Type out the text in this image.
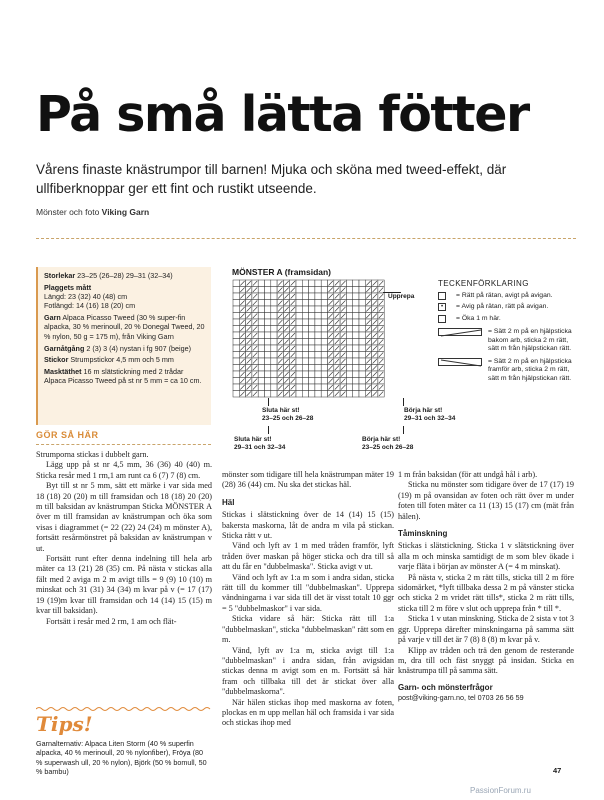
På små lätta fötter
Vårens finaste knästrumpor till barnen! Mjuka och sköna med tweed-effekt, där ullfiberknoppar ger ett fint och rustikt utseende.
Mönster och foto Viking Garn

Storlekar 23–25 (26–28) 29–31 (32–34)

Plaggets mått
Längd: 23 (32) 40 (48) cm
Fotlängd: 14 (16) 18 (20) cm

Garn Alpaca Picasso Tweed (30 % super-fin alpacka, 30 % merinoull, 20 % Donegal Tweed, 20 % nylon, 50 g = 175 m), från Viking Garn

Garnåtgång 2 (3) 3 (4) nystan i fg 907 (beige)

Stickor Strumpstickor 4,5 mm och 5 mm

Masktäthet 16 m slätstickning med 2 trådar Alpaca Picasso Tweed på st nr 5 mm = ca 10 cm.

MÖNSTER A (framsidan)
Upprepa
Sluta här st!
23–25 och 26–28
Börja här st!
29–31 och 32–34
Sluta här st!
29–31 och 32–34
Börja här st!
23–25 och 26–28
TECKENFÖRKLARING
= Rätt på rätan, avigt på avigan.
•	= Avig på rätan, rätt på avigan.
= Öka 1 m här.
= Sätt 2 m på en hjälpsticka bakom arb, sticka 2 m rätt, sätt m från hjälpstickan rätt.
= Sätt 2 m på en hjälpsticka framför arb, sticka 2 m rätt, sätt m från hjälpstickan rätt.
GÖR SÅ HÄR

Strumporna stickas i dubbelt garn.

Lägg upp på st nr 4,5 mm, 36 (36) 40 (40) m. Sticka resår med 1 rm,1 am runt ca 6 (7) 7 (8) cm.

Byt till st nr 5 mm, sätt ett märke i var sida med 18 (18) 20 (20) m till framsidan och 18 (18) 20 (20) m till baksidan av knästrumpan Sticka MÖNSTER A över m till framsidan av knästrumpan och öka som visas i diagrammet (= 22 (22) 24 (24) m mönster A), fortsätt resårmönstret på baksidan av knästrumpan v ut.

Fortsätt runt efter denna indelning till hela arb mäter ca 13 (21) 28 (35) cm. På nästa v stickas alla fält med 2 aviga m 2 m avigt tills = 9 (9) 10 (10) m minskat och 31 (31) 34 (34) m kvar på v (= 17 (17) 19 (19)m kvar till framsidan och 14 (14) 15 (15) m kvar till baksidan).

Fortsätt i resår med 2 rm, 1 am och flät-

mönster som tidigare till hela knästrumpan mäter 19 (28) 36 (44) cm. Nu ska det stickas häl.

Häl

Stickas i slätstickning över de 14 (14) 15 (15) bakersta maskorna, låt de andra m vila på stickan. Sticka rätt v ut.

Vänd och lyft av 1 m med tråden framför, lyft tråden över maskan på höger sticka och dra till så att du får en "dubbelmaska". Sticka avigt v ut.

Vänd och lyft av 1:a m som i andra sidan, sticka rätt till du kommer till "dubbelmaskan". Upprepa vändningarna i var sida till det är visst totalt 10 ggr = 5 "dubbelmaskor" i var sida.

Sticka vidare så här: Sticka rätt till 1:a "dubbelmaskan", sticka "dubbelmaskan" rätt som en m.

Vänd, lyft av 1:a m, sticka avigt till 1:a "dubbelmaskan" i andra sidan, från avigsidan stickas denna m avigt som en m. Fortsätt så här fram och tillbaka till det är stickat över alla "dubbelmaskorna".

När hälen stickas ihop med maskorna av foten, plockas en m upp mellan häl och framsida i var sida och stickas ihop med

1 m från baksidan (för att undgå hål i arb).

Sticka nu mönster som tidigare över de 17 (17) 19 (19) m på ovansidan av foten och rätt över m under foten till foten mäter ca 11 (13) 15 (17) cm (mät från hälen).

Tåminskning

Stickas i slätstickning. Sticka 1 v slätstickning över alla m och minska samtidigt de m som blev ökade i varje fläta i början av mönster A (= 4 m minskat).

På nästa v, sticka 2 m rätt tills, sticka till 2 m före sidomärket, *lyft tillbaka dessa 2 m på vänster sticka och sticka 2 m vridet rätt tills*, sticka 2 m rätt tills, sticka till 2 m före v slut och upprepa från * till *.

Sticka 1 v utan minskning. Sticka de 2 sista v tot 3 ggr. Upprepa därefter minskningarna på samma sätt på varje v till det är 7 (8) 8 (8) m kvar på v.

Klipp av tråden och trä den genom de resterande m, dra till och fäst snyggt på insidan. Sticka en knästrumpa till på samma sätt.

Garn- och mönsterfrågor
post@viking-garn.no, tel 0703 26 56 59
Tips!
Garnalternativ: Alpaca Liten Storm (40 % superfin alpacka, 40 % merinoull, 20 % nylonfiber), Fröya (80 % superwash ull, 20 % nylon), Björk (50 % bomull, 50 % bambu)	47
PassionForum.ru
